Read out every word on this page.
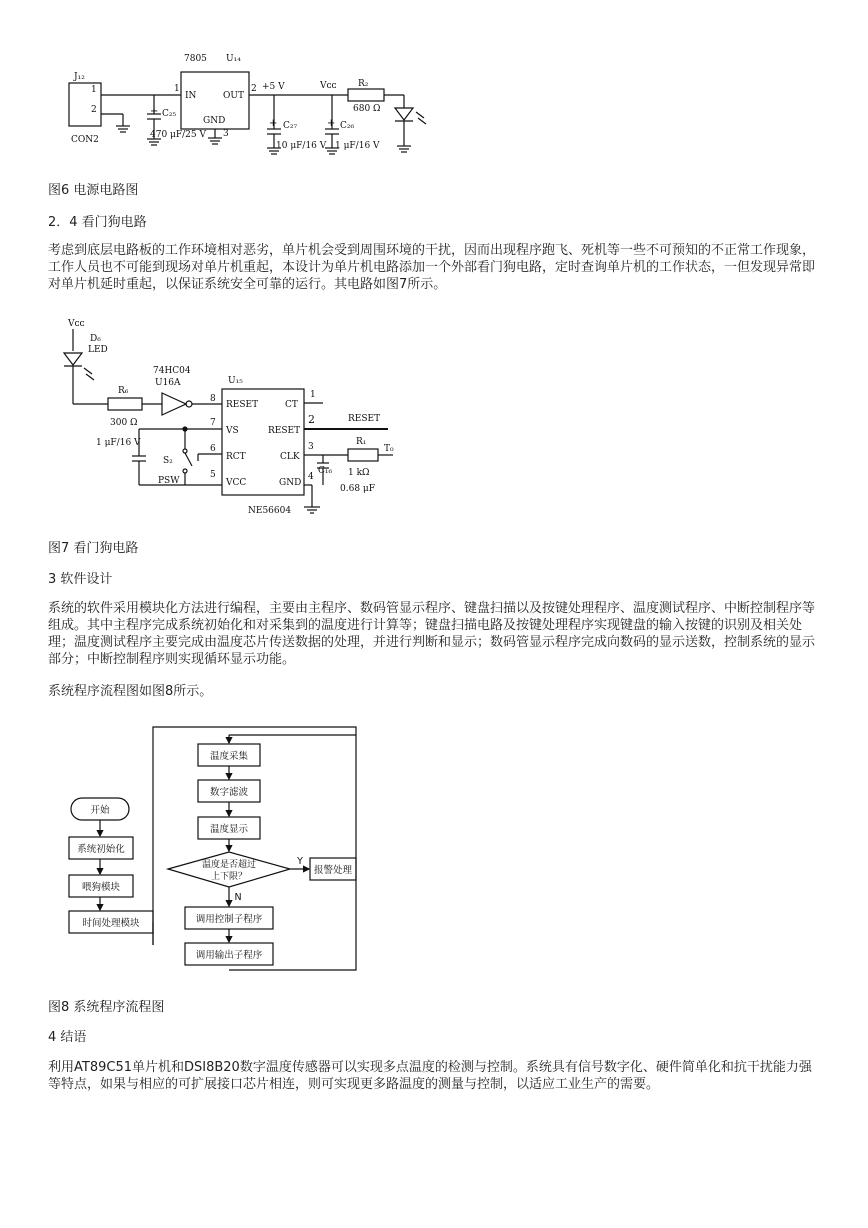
J₁₂
1
2
CON2
7805 U₁₄
1
IN	OUT
2
GND
3
C₂₅
470 μF/25 V
+5 V
C₂₇
10 μF/16 V
Vᴄᴄ
C₂₆
1 μF/16 V
R₂
680 Ω
+
+	+
图6 电源电路图
2．4 看门狗电路
考虑到底层电路板的工作环境相对恶劣，单片机会受到周围环境的干扰，因而出现程序跑飞、死机等一些不可预知的不正常工作现象，工作人员也不可能到现场对单片机重起，本设计为单片机电路添加一个外部看门狗电路，定时查询单片机的工作状态，一但发现异常即对单片机延时重起，以保证系统安全可靠的运行。其电路如图7所示。
Vᴄᴄ
D₆
LED
74HC04
U16A	U₁₅
R₆
300 Ω
1 μF/16 V
S₂
PSW
8
7
6
5
RESET
VS
RCT
VCC
CT
RESET
CLK
GND
1
2
3
4
RESET
R₁
T₀
C₁₆ 1 kΩ
0.68 μF
NE56604
图7 看门狗电路
3 软件设计
系统的软件采用模块化方法进行编程，主要由主程序、数码管显示程序、键盘扫描以及按键处理程序、温度测试程序、中断控制程序等组成。其中主程序完成系统初始化和对采集到的温度进行计算等；键盘扫描电路及按键处理程序实现键盘的输入按键的识别及相关处理；温度测试程序主要完成由温度芯片传送数据的处理，并进行判断和显示；数码管显示程序完成向数码的显示送数，控制系统的显示部分；中断控制程序则实现循环显示功能。
系统程序流程图如图8所示。
开始
系统初始化
喂狗模块
时间处理模块
温度采集
数字滤波
温度显示
温度是否超过
上下限？
Y
N
报警处理
调用控制子程序
调用输出子程序
图8 系统程序流程图
4 结语
利用AT89C51单片机和DSI8B20数字温度传感器可以实现多点温度的检测与控制。系统具有信号数字化、硬件简单化和抗干扰能力强等特点，如果与相应的可扩展接口芯片相连，则可实现更多路温度的测量与控制，以适应工业生产的需要。
